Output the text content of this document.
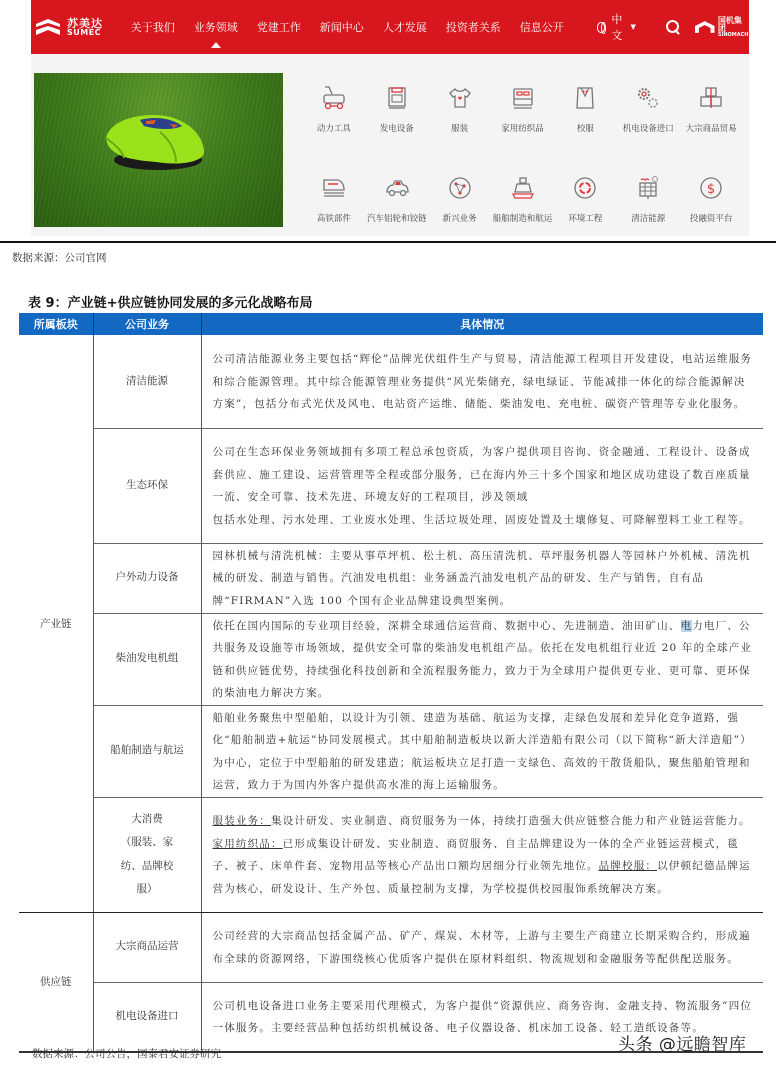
苏美达
SUMEC	关于我们 业务领域 党建工作 新闻中心 人才发展 投资者关系 信息公开
中文
▼
国机集团
SINOMACH
动力工具	发电设备	服装	家用纺织品	校服	机电设备进口 大宗商品贸易
高铁部件 汽车铝轮和铰链 新兴业务 船舶制造和航运 环境工程	清洁能源
$
投融资平台
数据来源：公司官网
表 9：产业链+供应链协同发展的多元化战略布局
所属板块	公司业务	具体情况
产业链	清洁能源	公司清洁能源业务主要包括“辉伦”品牌光伏组件生产与贸易，清洁能源工程项目开发建设，电站运维服务和综合能源管理。其中综合能源管理业务提供“风光柴储充，绿电绿证、节能减排一体化的综合能源解决方案”，包括分布式光伏及风电、电站资产运维、储能、柴油发电、充电桩、碳资产管理等专业化服务。
	生态环保	公司在生态环保业务领域拥有多项工程总承包资质，为客户提供项目咨询、资金融通、工程设计、设备成套供应、施工建设、运营管理等全程或部分服务，已在海内外三十多个国家和地区成功建设了数百座质量一流、安全可靠、技术先进、环境友好的工程项目，涉及领域
包括水处理、污水处理、工业废水处理、生活垃圾处理、固废处置及土壤修复、可降解塑料工业工程等。

	户外动力设备	园林机械与清洗机械：主要从事草坪机、松土机、高压清洗机、草坪服务机器人等园林户外机械、清洗机械的研发、制造与销售。汽油发电机组：业务涵盖汽油发电机产品的研发、生产与销售，自有品牌“FIRMAN”入选 100 个国有企业品牌建设典型案例。
	柴油发电机组	依托在国内国际的专业项目经验，深耕全球通信运营商、数据中心、先进制造、油田矿山、电力电厂、公共服务及设施等市场领域，提供安全可靠的柴油发电机组产品。依托在发电机组行业近 20 年的全球产业链和供应链优势，持续强化科技创新和全流程服务能力，致力于为全球用户提供更专业、更可靠、更环保的柴油电力解决方案。
	船舶制造与航运	船舶业务聚焦中型船舶，以设计为引领、建造为基础、航运为支撑，走绿色发展和差异化竞争道路，强化“船舶制造+航运”协同发展模式。其中船舶制造板块以新大洋造船有限公司（以下简称“新大洋造船”）为中心，定位于中型船舶的研发建造；航运板块立足打造一支绿色、高效的干散货船队，聚焦船舶管理和运营，致力于为国内外客户提供高水准的海上运输服务。

	大消费
（服装、家
纺、品牌校
服）	服装业务：集设计研发、实业制造、商贸服务为一体，持续打造强大供应链整合能力和产业链运营能力。家用纺织品：已形成集设计研发、实业制造、商贸服务、自主品牌建设为一体的全产业链运营模式，毯子、被子、床单件套、宠物用品等核心产品出口额均居细分行业领先地位。品牌校服：以伊顿纪德品牌运营为核心，研发设计、生产外包、质量控制为支撑，为学校提供校园服饰系统解决方案。
供应链	大宗商品运营	公司经营的大宗商品包括金属产品、矿产、煤炭、木材等，上游与主要生产商建立长期采购合约，形成遍布全球的资源网络，下游围绕核心优质客户提供在原材料组织、物流规划和金融服务等配供配送服务。
	机电设备进口	公司机电设备进口业务主要采用代理模式，为客户提供“资源供应、商务咨询、金融支持、物流服务”四位一体服务。主要经营品种包括纺织机械设备、电子仪器设备、机床加工设备、轻工造纸设备等。
数据来源：公司公告，国泰君安证券研究	头条 @远瞻智库
